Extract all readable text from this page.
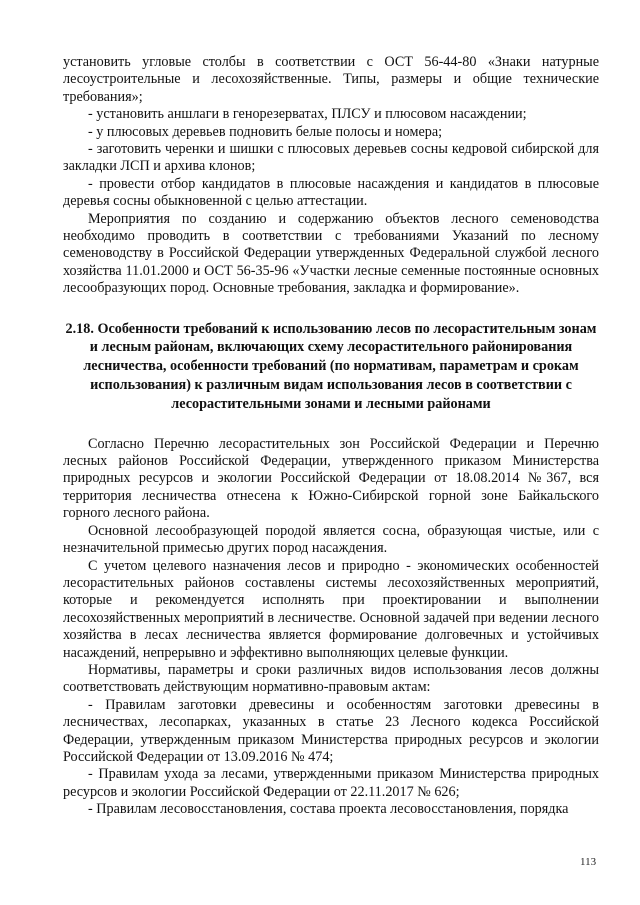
установить угловые столбы в соответствии с ОСТ 56-44-80 «Знаки натурные лесоустроительные и лесохозяйственные. Типы, размеры и общие технические требования»;

- установить аншлаги в генорезерватах, ПЛСУ и плюсовом насаждении;

- у плюсовых деревьев подновить белые полосы и номера;

- заготовить черенки и шишки с плюсовых деревьев сосны кедровой сибирской для закладки ЛСП и архива клонов;

- провести отбор кандидатов в плюсовые насаждения и кандидатов в плюсовые деревья сосны обыкновенной с целью аттестации.

Мероприятия по созданию и содержанию объектов лесного семеноводства необходимо проводить в соответствии с требованиями Указаний по лесному семеноводству в Российской Федерации утвержденных Федеральной службой лесного хозяйства 11.01.2000 и ОСТ 56-35-96 «Участки лесные семенные постоянные основных лесообразующих пород. Основные требования, закладка и формирование».

2.18. Особенности требований к использованию лесов по лесорастительным зонам и лесным районам, включающих схему лесорастительного районирования лесничества, особенности требований (по нормативам, параметрам и срокам использования) к различным видам использования лесов в соответствии с лесорастительными зонами и лесными районами

Согласно Перечню лесорастительных зон Российской Федерации и Перечню лесных районов Российской Федерации, утвержденного приказом Министерства природных ресурсов и экологии Российской Федерации от 18.08.2014 №367, вся территория лесничества отнесена к Южно-Сибирской горной зоне Байкальского горного лесного района.

Основной лесообразующей породой является сосна, образующая чистые, или с незначительной примесью других пород насаждения.

С учетом целевого назначения лесов и природно - экономических особенностей лесорастительных районов составлены системы лесохозяйственных мероприятий, которые и рекомендуется исполнять при проектировании и выполнении лесохозяйственных мероприятий в лесничестве. Основной задачей при ведении лесного хозяйства в лесах лесничества является формирование долговечных и устойчивых насаждений, непрерывно и эффективно выполняющих целевые функции.

Нормативы, параметры и сроки различных видов использования лесов должны соответствовать действующим нормативно-правовым актам:

- Правилам заготовки древесины и особенностям заготовки древесины в лесничествах, лесопарках, указанных в статье 23 Лесного кодекса Российской Федерации, утвержденным приказом Министерства природных ресурсов и экологии Российской Федерации от 13.09.2016 № 474;

- Правилам ухода за лесами, утвержденными приказом Министерства природных ресурсов и экологии Российской Федерации от 22.11.2017 № 626;

- Правилам лесовосстановления, состава проекта лесовосстановления, порядка

113
